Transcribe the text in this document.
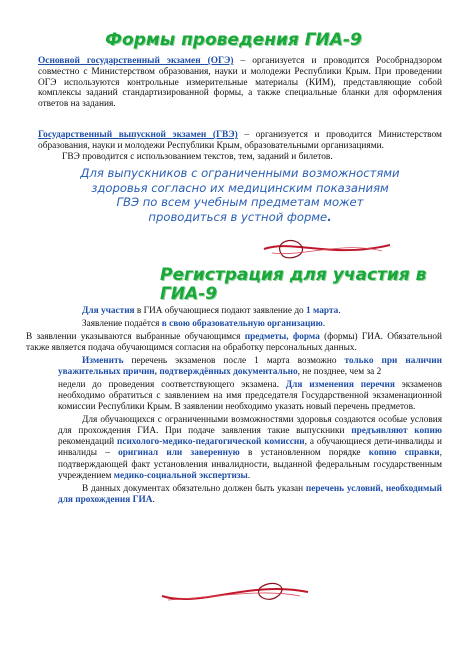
Формы проведения ГИА-9
Основной государственный экзамен (ОГЭ) – организуется и проводится Рособрнадзором совместно с Министерством образования, науки и молодежи Республики Крым. При проведении ОГЭ используются контрольные измерительные материалы (КИМ), представляющие собой комплексы заданий стандартизированной формы, а также специальные бланки для оформления ответов на задания.
Государственный выпускной экзамен (ГВЭ) – организуется и проводится Министерством образования, науки и молодежи Республики Крым, образовательными организациями.
ГВЭ проводится с использованием текстов, тем, заданий и билетов.
Для выпускников с ограниченными возможностями
здоровья согласно их медицинским показаниям
ГВЭ по всем учебным предметам может
проводиться в устной форме.
Регистрация для участия в
ГИА-9

Для участия в ГИА обучающиеся подают заявление до 1 марта.

Заявление подаётся в свою образовательную организацию.

В заявлении указываются выбранные обучающимся предметы, форма (формы) ГИА. Обязательной также является подача обучающимся согласия на обработку персональных данных.

Изменить перечень экзаменов после 1 марта возможно только при наличии уважительных причин, подтверждённых документально, не позднее, чем за 2

недели до проведения соответствующего экзамена. Для изменения перечня экзаменов необходимо обратиться с заявлением на имя председателя Государственной экзаменационной комиссии Республики Крым. В заявлении необходимо указать новый перечень предметов.

Для обучающихся с ограниченными возможностями здоровья создаются особые условия для прохождения ГИА. При подаче заявления такие выпускники предъявляют копию рекомендаций психолого-медико-педагогической комиссии, а обучающиеся дети-инвалиды и инвалиды – оригинал или заверенную в установленном порядке копию справки, подтверждающей факт установления инвалидности, выданной федеральным государственным учреждением медико-социальной экспертизы.

В данных документах обязательно должен быть указан перечень условий, необходимый для прохождения ГИА.
